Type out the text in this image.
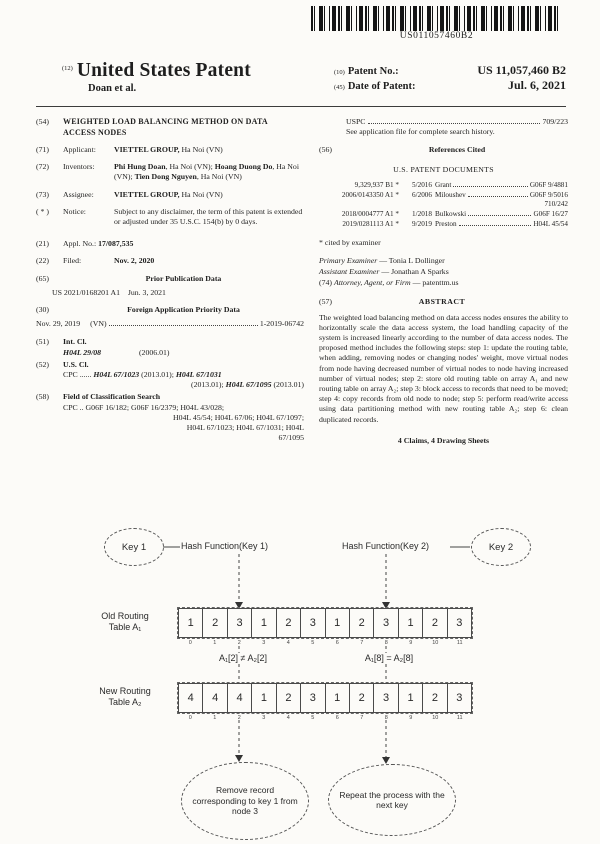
US011057460B2
$^{(12)}$ United States Patent
Doan et al.
(10) Patent No.:	US 11,057,460 B2
(45) Date of Patent:	Jul. 6, 2021
(54)	WEIGHTED LOAD BALANCING METHOD ON DATA ACCESS NODES
(71)	Applicant:	VIETTEL GROUP, Ha Noi (VN)
(72)	Inventors:	Phi Hung Doan, Ha Noi (VN); Hoang Duong Do, Ha Noi (VN); Tien Dong Nguyen, Ha Noi (VN)
(73)	Assignee:	VIETTEL GROUP, Ha Noi (VN)
( * )	Notice:	Subject to any disclaimer, the term of this patent is extended or adjusted under 35 U.S.C. 154(b) by 0 days.
(21)	Appl. No.: 17/087,535
(22)	Filed:	Nov. 2, 2020
(65)	Prior Publication Data
US 2021/0168201 A1 Jun. 3, 2021
(30)	Foreign Application Priority Data
Nov. 29, 2019 (VN)	1-2019-06742
(51)	Int. Cl.
H04L 29/08	(2006.01)
(52)	U.S. Cl.
CPC ...... H04L 67/1023 (2013.01); H04L 67/1031
(2013.01); H04L 67/1095 (2013.01)
(58)	Field of Classification Search
CPC .. G06F 16/182; G06F 16/2379; H04L 43/028;
H04L 45/54; H04L 67/06; H04L 67/1097;
H04L 67/1023; H04L 67/1031; H04L
67/1095
USPC	709/223
See application file for complete search history.
(56)	References Cited
U.S. PATENT DOCUMENTS
9,329,937 B1 *	5/2016 Grant	G06F 9/4881
2006/0143350 A1 *	6/2006 Miloushev	G06F 9/5016
710/242
2018/0004777 A1 *	1/2018 Bulkowski	G06F 16/27
2019/0281113 A1 *	9/2019 Preston	H04L 45/54
* cited by examiner
Primary Examiner — Tonia L Dollinger
Assistant Examiner — Jonathan A Sparks
(74) Attorney, Agent, or Firm — patenttm.us
(57)	ABSTRACT
The weighted load balancing method on data access nodes ensures the ability to horizontally scale the data access system, the load handling capacity of the system is increased linearly according to the number of data access nodes. The proposed method includes the following steps: step 1: update the routing table, when adding, removing nodes or changing nodes' weight, move virtual nodes from node having decreased number of virtual nodes to node having increased number of virtual nodes; step 2: store old routing table on array A₁ and new routing table on array A₂; step 3: block access to records that need to be moved; step 4: copy records from old node to node; step 5: perform read/write access using data partitioning method with new routing table A₂; step 6: clean duplicated records.
4 Claims, 4 Drawing Sheets
Key 1	Hash Function(Key 1)	Hash Function(Key 2)	Key 2
Old Routing
Table A₁	1	2	3	1	2	3	1	2	3	1	2	3
0	1	2	3	4	5	6	7	8	9	10	11
A₁[2] ≠ A₂[2]	A₁[8] = A₂[8]
New Routing
Table A₂	4	4	4	1	2	3	1	2	3	1	2	3
0	1	2	3	4	5	6	7	8	9	10	11
Remove record corresponding to key 1 from node 3
Repeat the process with the next key
